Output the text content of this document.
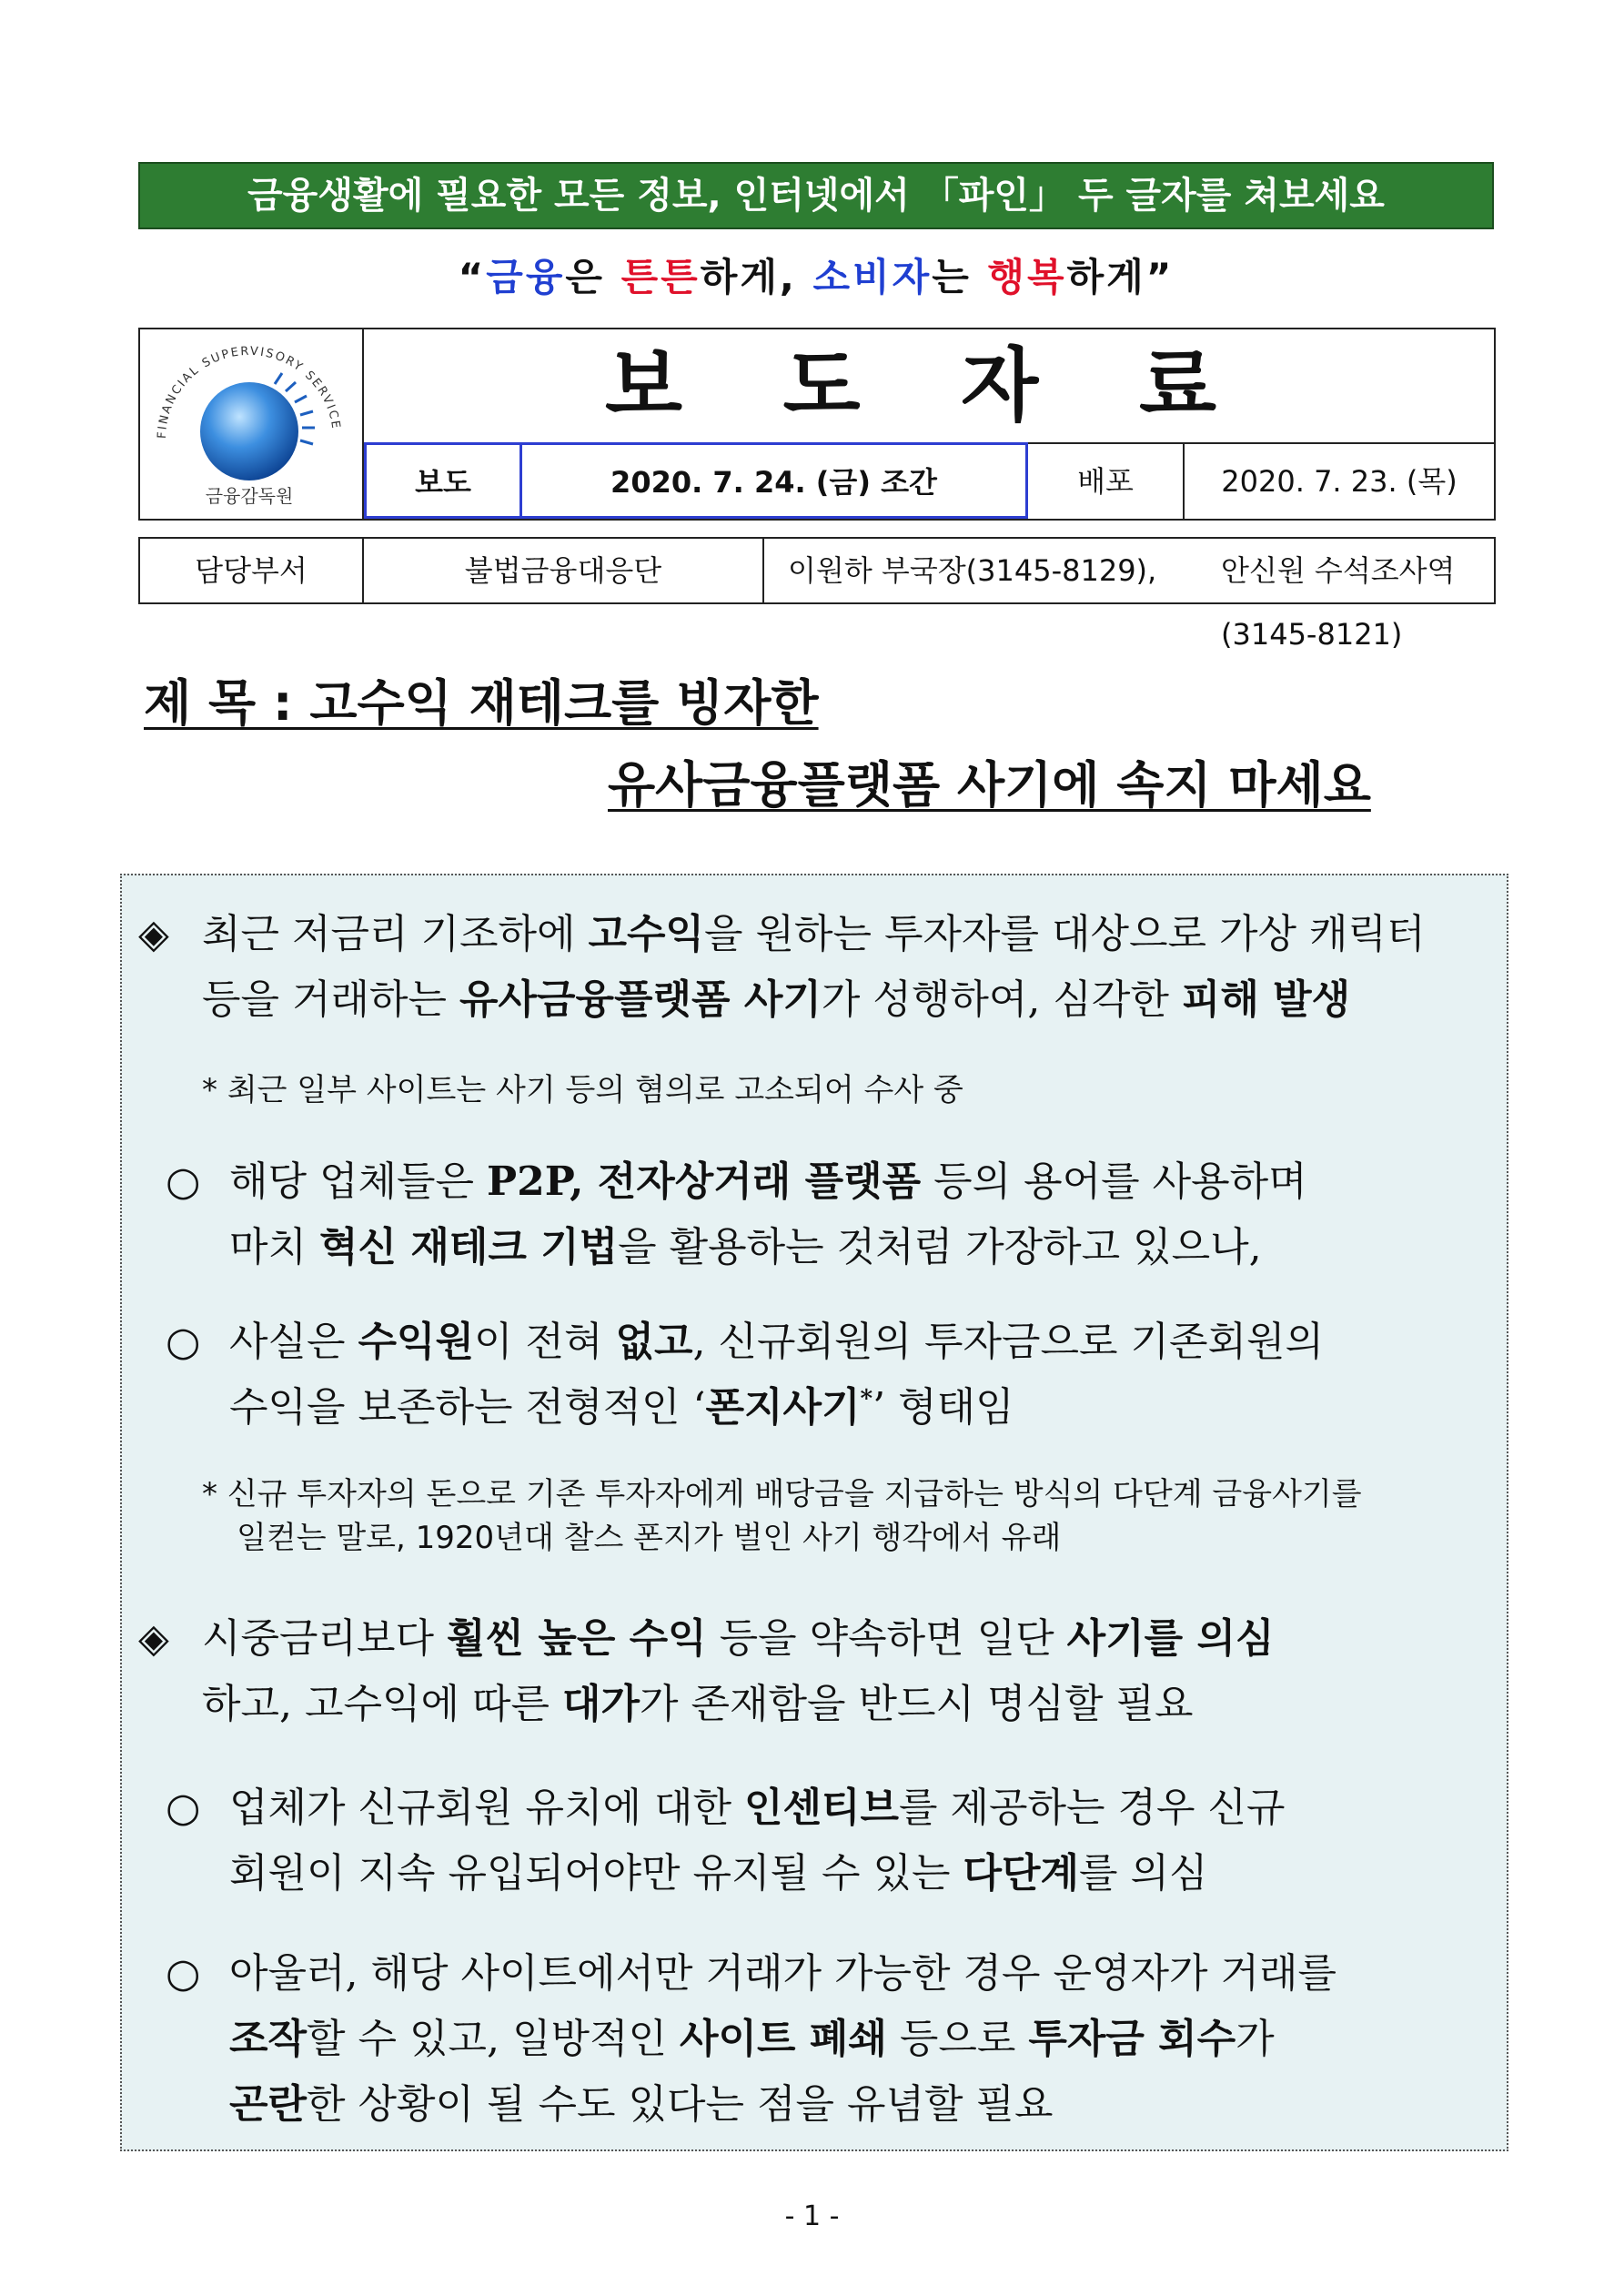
금융생활에 필요한 모든 정보, 인터넷에서 「파인」 두 글자를 쳐보세요
“금융은 튼튼하게, 소비자는 행복하게”
FINANCIAL SUPERVISORY SERVICE
금융감독원
보 도 자 료
보도	2020. 7. 24. (금) 조간	배포	2020. 7. 23. (목)
담당부서	불법금융대응단	이원하 부국장(3145-8129),	안신원 수석조사역(3145-8121)
제 목 : 고수익 재테크를 빙자한
유사금융플랫폼 사기에 속지 마세요
◈ 최근 저금리 기조하에 고수익을 원하는 투자자를 대상으로 가상 캐릭터
등을 거래하는 유사금융플랫폼 사기가 성행하여, 심각한 피해 발생
* 최근 일부 사이트는 사기 등의 혐의로 고소되어 수사 중
○ 해당 업체들은 P2P, 전자상거래 플랫폼 등의 용어를 사용하며
마치 혁신 재테크 기법을 활용하는 것처럼 가장하고 있으나,
○ 사실은 수익원이 전혀 없고, 신규회원의 투자금으로 기존회원의
수익을 보존하는 전형적인 ‘폰지사기*’ 형태임
* 신규 투자자의 돈으로 기존 투자자에게 배당금을 지급하는 방식의 다단계 금융사기를
일컫는 말로, 1920년대 찰스 폰지가 벌인 사기 행각에서 유래
◈ 시중금리보다 훨씬 높은 수익 등을 약속하면 일단 사기를 의심
하고, 고수익에 따른 대가가 존재함을 반드시 명심할 필요
○ 업체가 신규회원 유치에 대한 인센티브를 제공하는 경우 신규
회원이 지속 유입되어야만 유지될 수 있는 다단계를 의심
○ 아울러, 해당 사이트에서만 거래가 가능한 경우 운영자가 거래를
조작할 수 있고, 일방적인 사이트 폐쇄 등으로 투자금 회수가
곤란한 상황이 될 수도 있다는 점을 유념할 필요
- 1 -
